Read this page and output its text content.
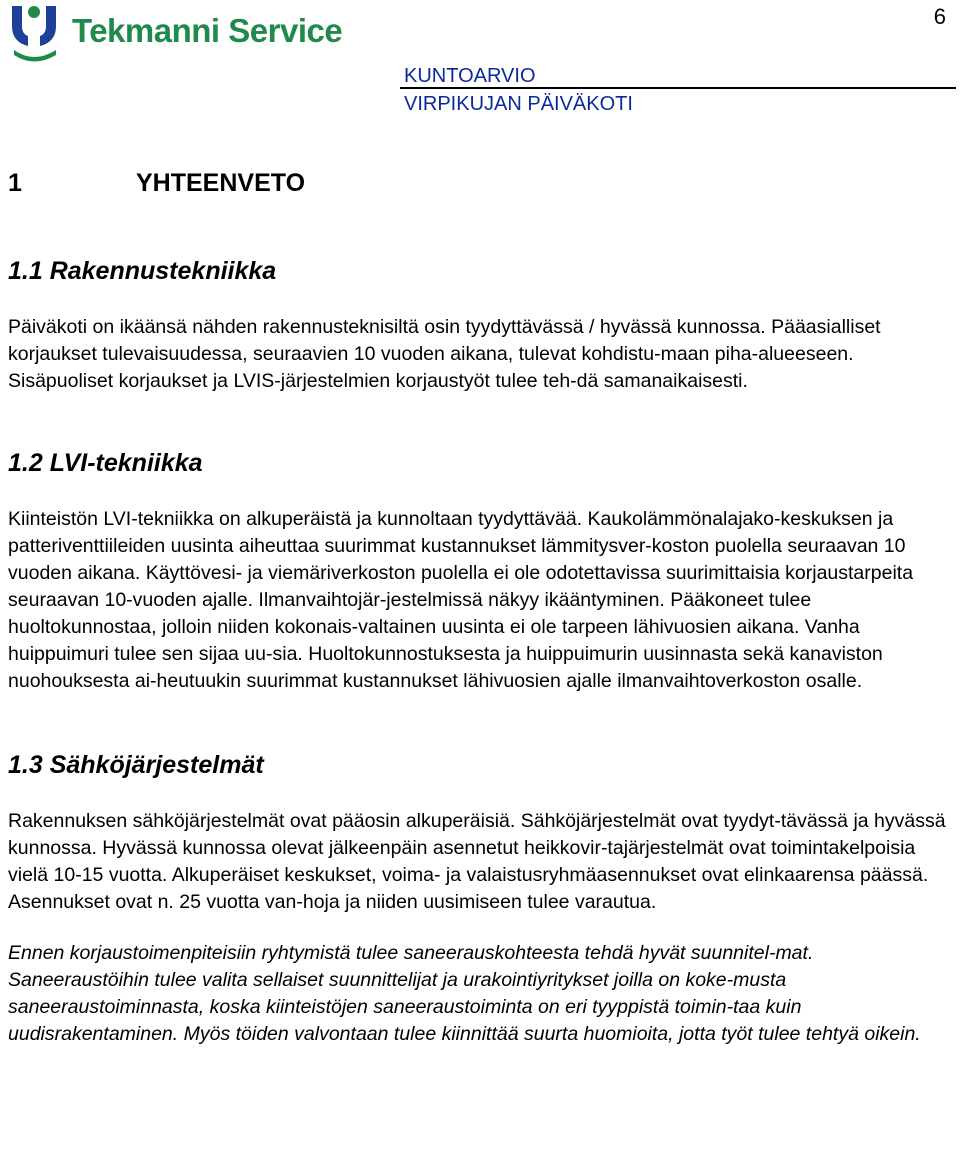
Tekmanni Service	6
KUNTOARVIO
VIRPIKUJAN PÄIVÄKOTI
1	YHTEENVETO
1.1 Rakennustekniikka

Päiväkoti on ikäänsä nähden rakennusteknisiltä osin tyydyttävässä / hyvässä kunnossa. Pääasialliset korjaukset tulevaisuudessa, seuraavien 10 vuoden aikana, tulevat kohdistu-maan piha-alueeseen. Sisäpuoliset korjaukset ja LVIS-järjestelmien korjaustyöt tulee teh-dä samanaikaisesti.

1.2 LVI-tekniikka

Kiinteistön LVI-tekniikka on alkuperäistä ja kunnoltaan tyydyttävää. Kaukolämmönalajako-keskuksen ja patteriventtiileiden uusinta aiheuttaa suurimmat kustannukset lämmitysver-koston puolella seuraavan 10 vuoden aikana. Käyttövesi- ja viemäriverkoston puolella ei ole odotettavissa suurimittaisia korjaustarpeita seuraavan 10-vuoden ajalle. Ilmanvaihtojär-jestelmissä näkyy ikääntyminen. Pääkoneet tulee huoltokunnostaa, jolloin niiden kokonais-valtainen uusinta ei ole tarpeen lähivuosien aikana. Vanha huippuimuri tulee sen sijaa uu-sia. Huoltokunnostuksesta ja huippuimurin uusinnasta sekä kanaviston nuohouksesta ai-heutuukin suurimmat kustannukset lähivuosien ajalle ilmanvaihtoverkoston osalle.

1.3 Sähköjärjestelmät

Rakennuksen sähköjärjestelmät ovat pääosin alkuperäisiä. Sähköjärjestelmät ovat tyydyt-tävässä ja hyvässä kunnossa. Hyvässä kunnossa olevat jälkeenpäin asennetut heikkovir-tajärjestelmät ovat toimintakelpoisia vielä 10-15 vuotta. Alkuperäiset keskukset, voima- ja valaistusryhmäasennukset ovat elinkaarensa päässä. Asennukset ovat n. 25 vuotta van-hoja ja niiden uusimiseen tulee varautua.

Ennen korjaustoimenpiteisiin ryhtymistä tulee saneerauskohteesta tehdä hyvät suunnitel-mat. Saneeraustöihin tulee valita sellaiset suunnittelijat ja urakointiyritykset joilla on koke-musta saneeraustoiminnasta, koska kiinteistöjen saneeraustoiminta on eri tyyppistä toimin-taa kuin uudisrakentaminen. Myös töiden valvontaan tulee kiinnittää suurta huomioita, jotta työt tulee tehtyä oikein.
